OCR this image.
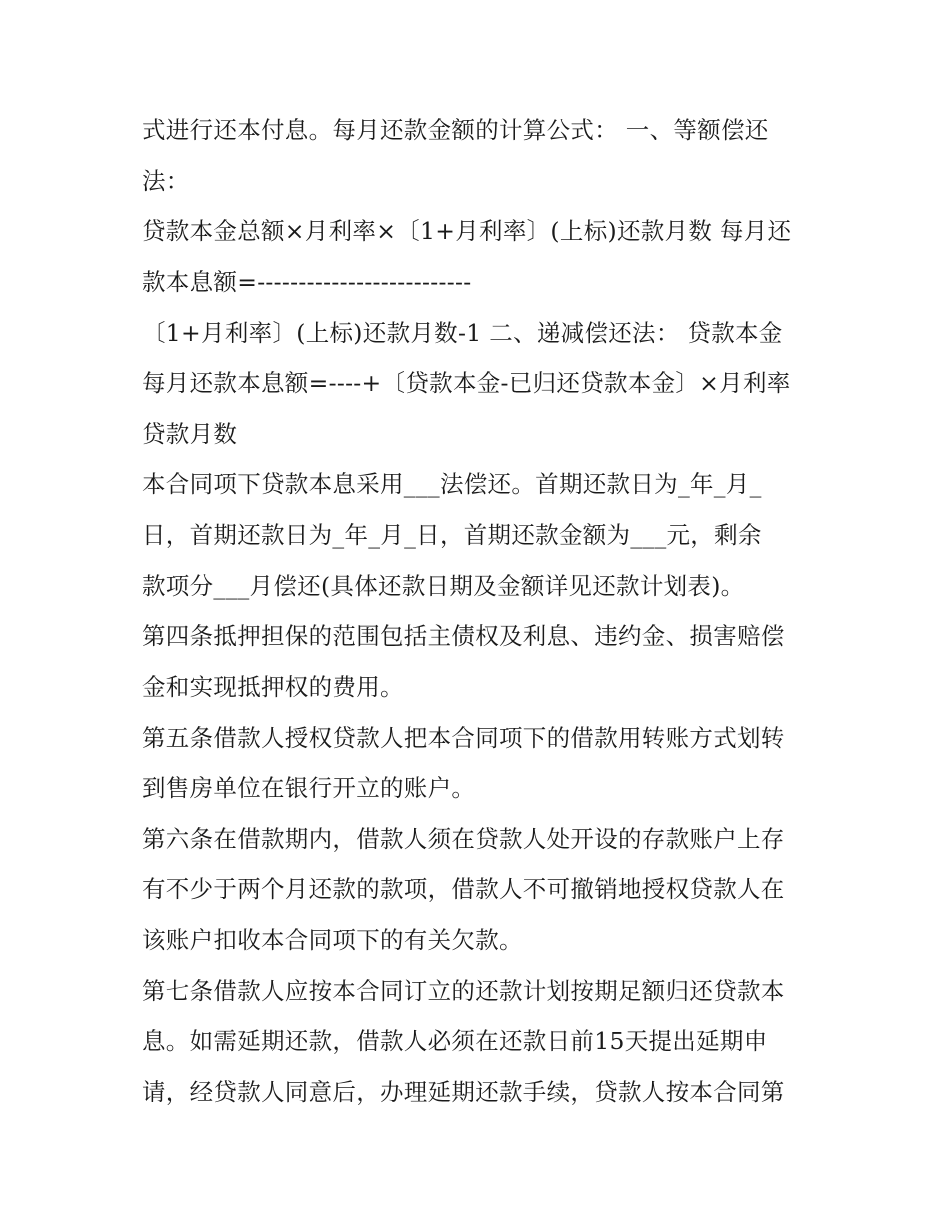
式进行还本付息。每月还款金额的计算公式： 一、等额偿还
法：
贷款本金总额×月利率×〔1+月利率〕(上标)还款月数 每月还
款本息额=--------------------------
〔1+月利率〕(上标)还款月数-1 二、递减偿还法： 贷款本金
每月还款本息额=----+〔贷款本金-已归还贷款本金〕×月利率
贷款月数
本合同项下贷款本息采用___法偿还。首期还款日为_年_月_
日，首期还款日为_年_月_日，首期还款金额为___元，剩余
款项分___月偿还(具体还款日期及金额详见还款计划表)。
第四条抵押担保的范围包括主债权及利息、违约金、损害赔偿
金和实现抵押权的费用。
第五条借款人授权贷款人把本合同项下的借款用转账方式划转
到售房单位在银行开立的账户。
第六条在借款期内，借款人须在贷款人处开设的存款账户上存
有不少于两个月还款的款项，借款人不可撤销地授权贷款人在
该账户扣收本合同项下的有关欠款。
第七条借款人应按本合同订立的还款计划按期足额归还贷款本
息。如需延期还款，借款人必须在还款日前15天提出延期申
请，经贷款人同意后，办理延期还款手续，贷款人按本合同第
